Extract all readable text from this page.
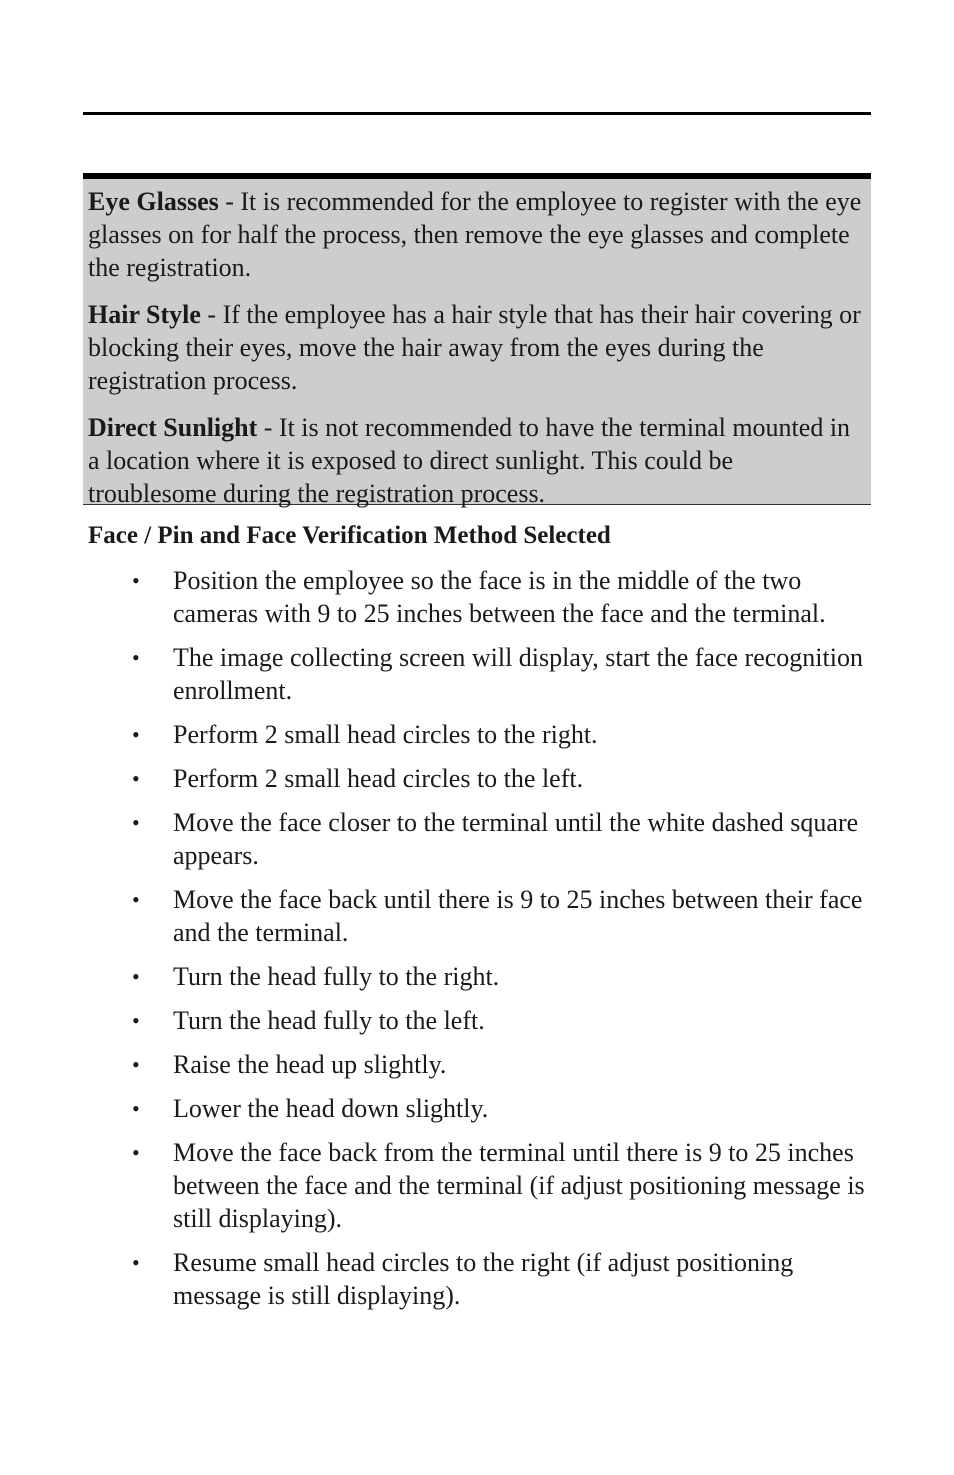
Eye Glasses - It is recommended for the employee to register with the eye glasses on for half the process, then remove the eye glasses and complete the registration.

Hair Style - If the employee has a hair style that has their hair covering or blocking their eyes, move the hair away from the eyes during the registration process.

Direct Sunlight - It is not recommended to have the terminal mounted in a location where it is exposed to direct sunlight. This could be troublesome during the registration process.

Face / Pin and Face Verification Method Selected
• Position the employee so the face is in the middle of the two cameras with 9 to 25 inches between the face and the terminal.
• The image collecting screen will display, start the face recognition enrollment.
• Perform 2 small head circles to the right.
• Perform 2 small head circles to the left.
• Move the face closer to the terminal until the white dashed square appears.
• Move the face back until there is 9 to 25 inches between their face and the terminal.
• Turn the head fully to the right.
• Turn the head fully to the left.
• Raise the head up slightly.
• Lower the head down slightly.
• Move the face back from the terminal until there is 9 to 25 inches between the face and the terminal (if adjust positioning message is still displaying).
• Resume small head circles to the right (if adjust positioning message is still displaying).
